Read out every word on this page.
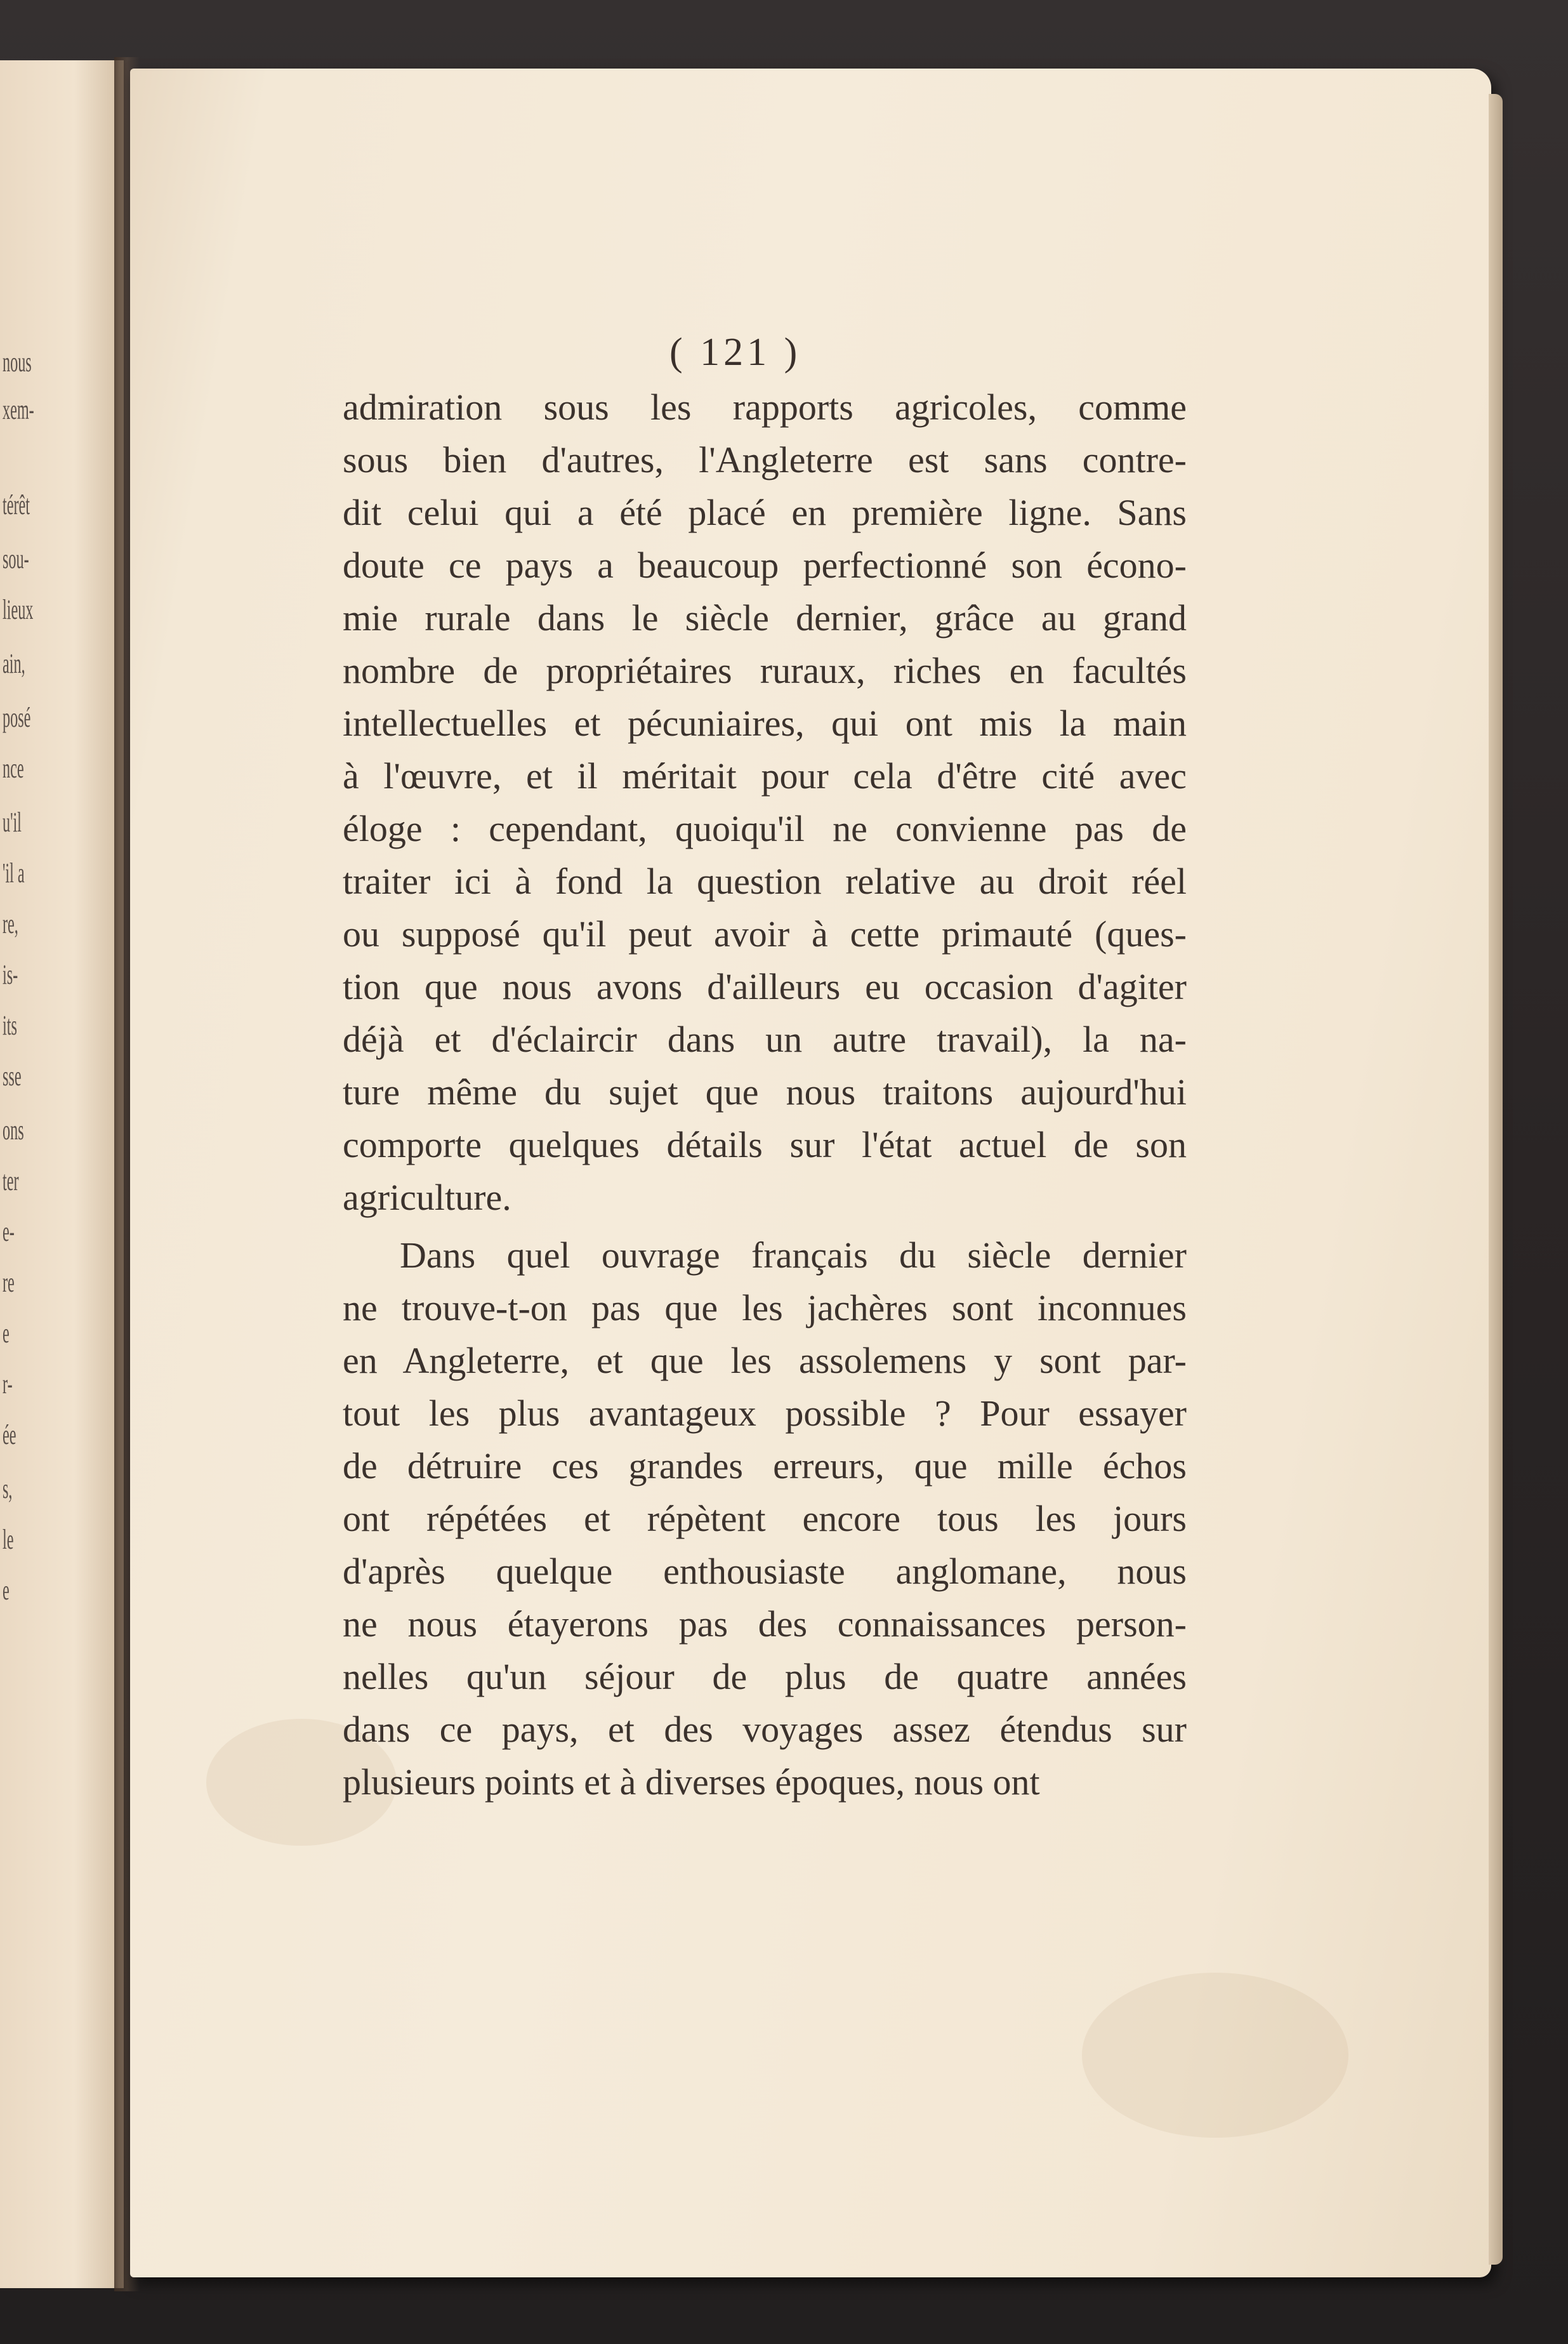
nous
xem-
térêt
sou-
lieux
ain,
posé
nce
u'il
'il a
re,
is-
its
sse
ons
ter
e-
re
e
r-
ée
s,
le
e
( 121 )
admiration sous les rapports agricoles, comme
sous bien d'autres, l'Angleterre est sans contre-
dit celui qui a été placé en première ligne. Sans
doute ce pays a beaucoup perfectionné son écono-
mie rurale dans le siècle dernier, grâce au grand
nombre de propriétaires ruraux, riches en facultés
intellectuelles et pécuniaires, qui ont mis la main
à l'œuvre, et il méritait pour cela d'être cité avec
éloge : cependant, quoiqu'il ne convienne pas de
traiter ici à fond la question relative au droit réel
ou supposé qu'il peut avoir à cette primauté (ques-
tion que nous avons d'ailleurs eu occasion d'agiter
déjà et d'éclaircir dans un autre travail), la na-
ture même du sujet que nous traitons aujourd'hui
comporte quelques détails sur l'état actuel de son
agriculture.
Dans quel ouvrage français du siècle dernier
ne trouve-t-on pas que les jachères sont inconnues
en Angleterre, et que les assolemens y sont par-
tout les plus avantageux possible ? Pour essayer
de détruire ces grandes erreurs, que mille échos
ont répétées et répètent encore tous les jours
d'après quelque enthousiaste anglomane, nous
ne nous étayerons pas des connaissances person-
nelles qu'un séjour de plus de quatre années
dans ce pays, et des voyages assez étendus sur
plusieurs points et à diverses époques, nous ont
